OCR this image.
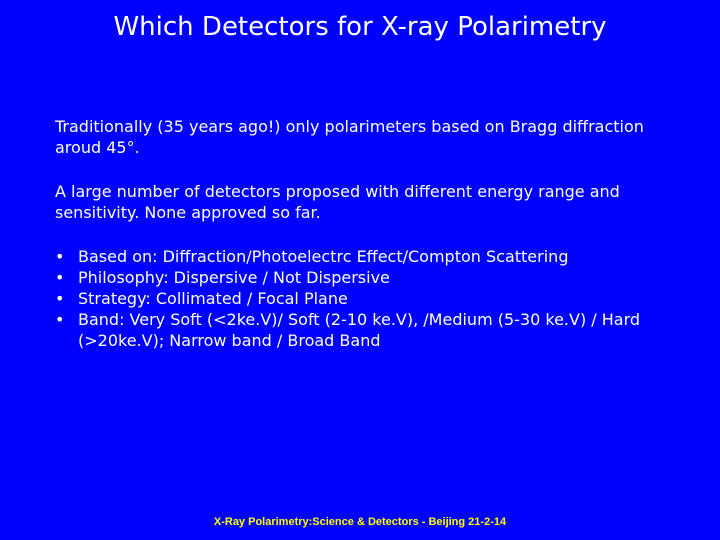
Which Detectors for X-ray Polarimetry
Traditionally (35 years ago!) only polarimeters based on Bragg diffraction aroud 45°.
A large number of detectors proposed with different energy range and sensitivity. None approved so far.
• Based on: Diffraction/Photoelectrc Effect/Compton Scattering
• Philosophy: Dispersive / Not Dispersive
• Strategy: Collimated / Focal Plane
• Band: Very Soft (<2ke.V)/ Soft (2-10 ke.V), /Medium (5-30 ke.V) / Hard (>20ke.V); Narrow band / Broad Band
X-Ray Polarimetry:Science & Detectors - Beijing 21-2-14
